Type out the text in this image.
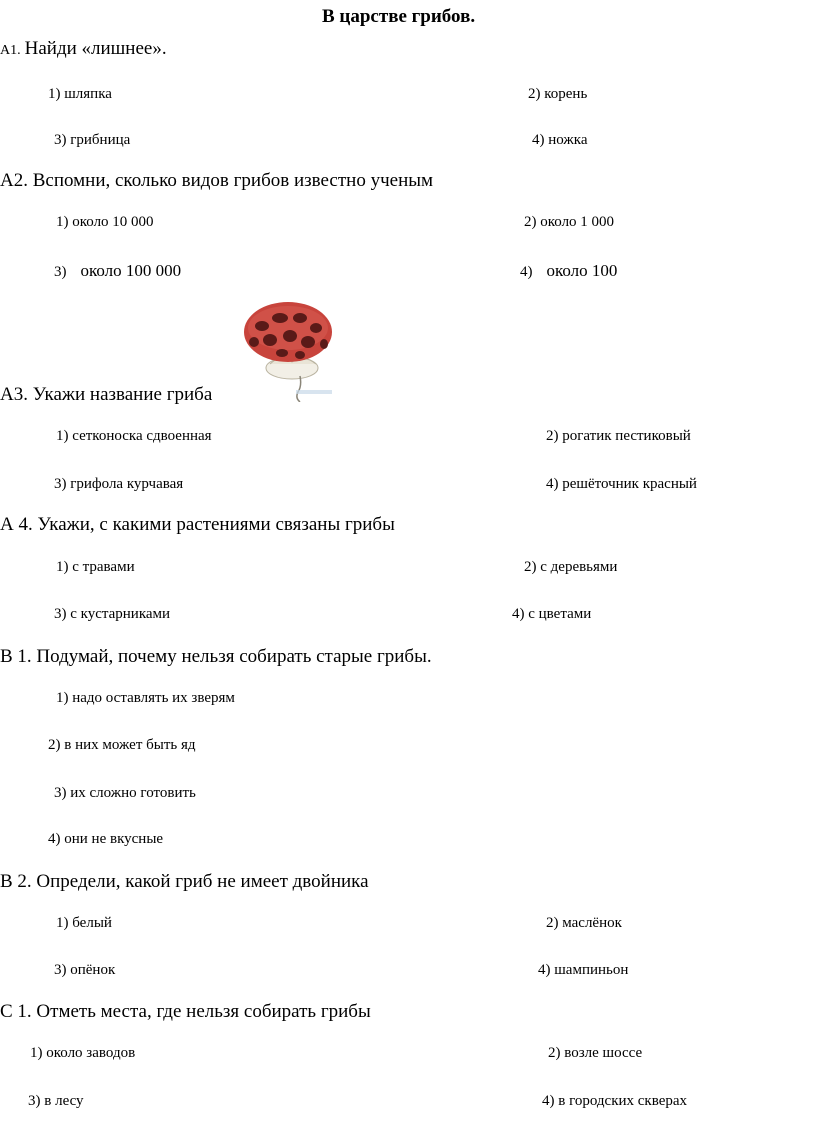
В царстве грибов.
А1. Найди «лишнее».
1) шляпка	2) корень
3) грибница	4) ножка
А2. Вспомни, сколько видов грибов известно ученым
1) около 10 000	2) около 1 000
3) около 100 000	4) около 100
А3. Укажи название гриба
1) сетконоска сдвоенная	2) рогатик пестиковый
3) грифола курчавая	4) решёточник красный
А 4. Укажи, с какими растениями связаны грибы
1) с травами	2) с деревьями
3) с кустарниками	4) с цветами
В 1. Подумай, почему нельзя собирать старые грибы.
1) надо оставлять их зверям
2) в них может быть яд
3) их сложно готовить
4) они не вкусные
В 2. Определи, какой гриб не имеет двойника
1) белый	2) маслёнок
3) опёнок	4) шампиньон
С 1. Отметь места, где нельзя собирать грибы
1) около заводов	2) возле шоссе
3) в лесу	4) в городских скверах
